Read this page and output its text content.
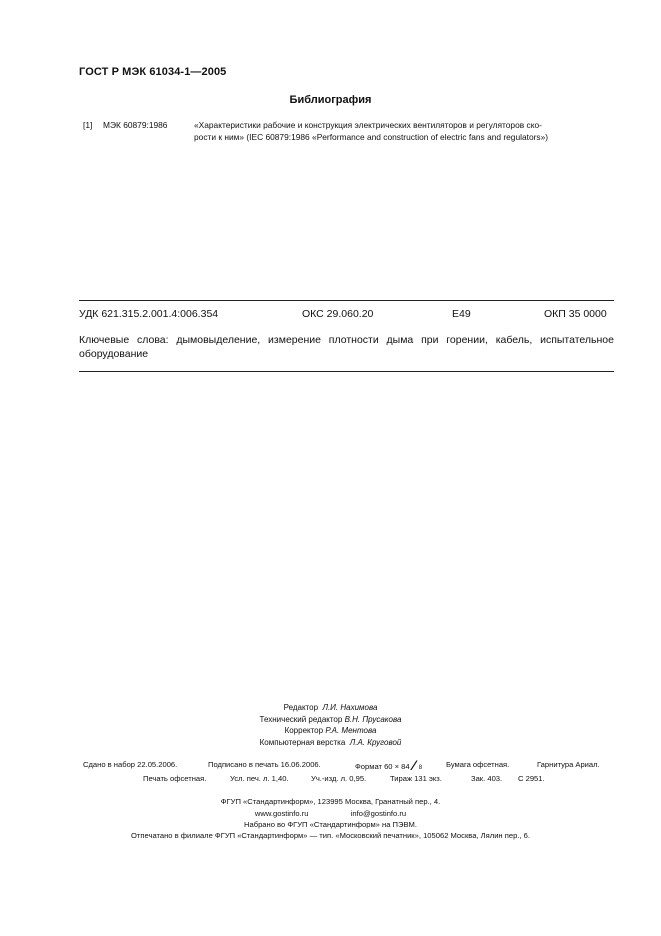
ГОСТ Р МЭК 61034-1—2005
Библиография
[1] МЭК 60879:1986	«Характеристики рабочие и конструкция электрических вентиляторов и регуляторов ско-
рости к ним» (IEC 60879:1986 «Performance and construction of electric fans and regulators»)
УДК 621.315.2.001.4:006.354	ОКС 29.060.20	E49	ОКП 35 0000
Ключевые слова: дымовыделение, измерение плотности дыма при горении, кабель, испытательное оборудование
Редактор Л.И. Нахимова
Технический редактор В.Н. Прусакова
Корректор Р.А. Ментова
Компьютерная верстка Л.А. Круговой
Сдано в набор 22.05.2006.	Подписано в печать 16.06.2006.	Формат 60 × 84 ⁄ 8	Бумага офсетная.	Гарнитура Ариал.
Печать офсетная.	Усл. печ. л. 1,40.	Уч.-изд. л. 0,95.	Тираж 131 экз.	Зак. 403. С 2951.
ФГУП «Стандартинформ», 123995 Москва, Гранатный пер., 4.
www.gostinfo.ru	info@gostinfo.ru
Набрано во ФГУП «Стандартинформ» на ПЭВМ.
Отпечатано в филиале ФГУП «Стандартинформ» — тип. «Московский печатник», 105062 Москва, Лялин пер., 6.
